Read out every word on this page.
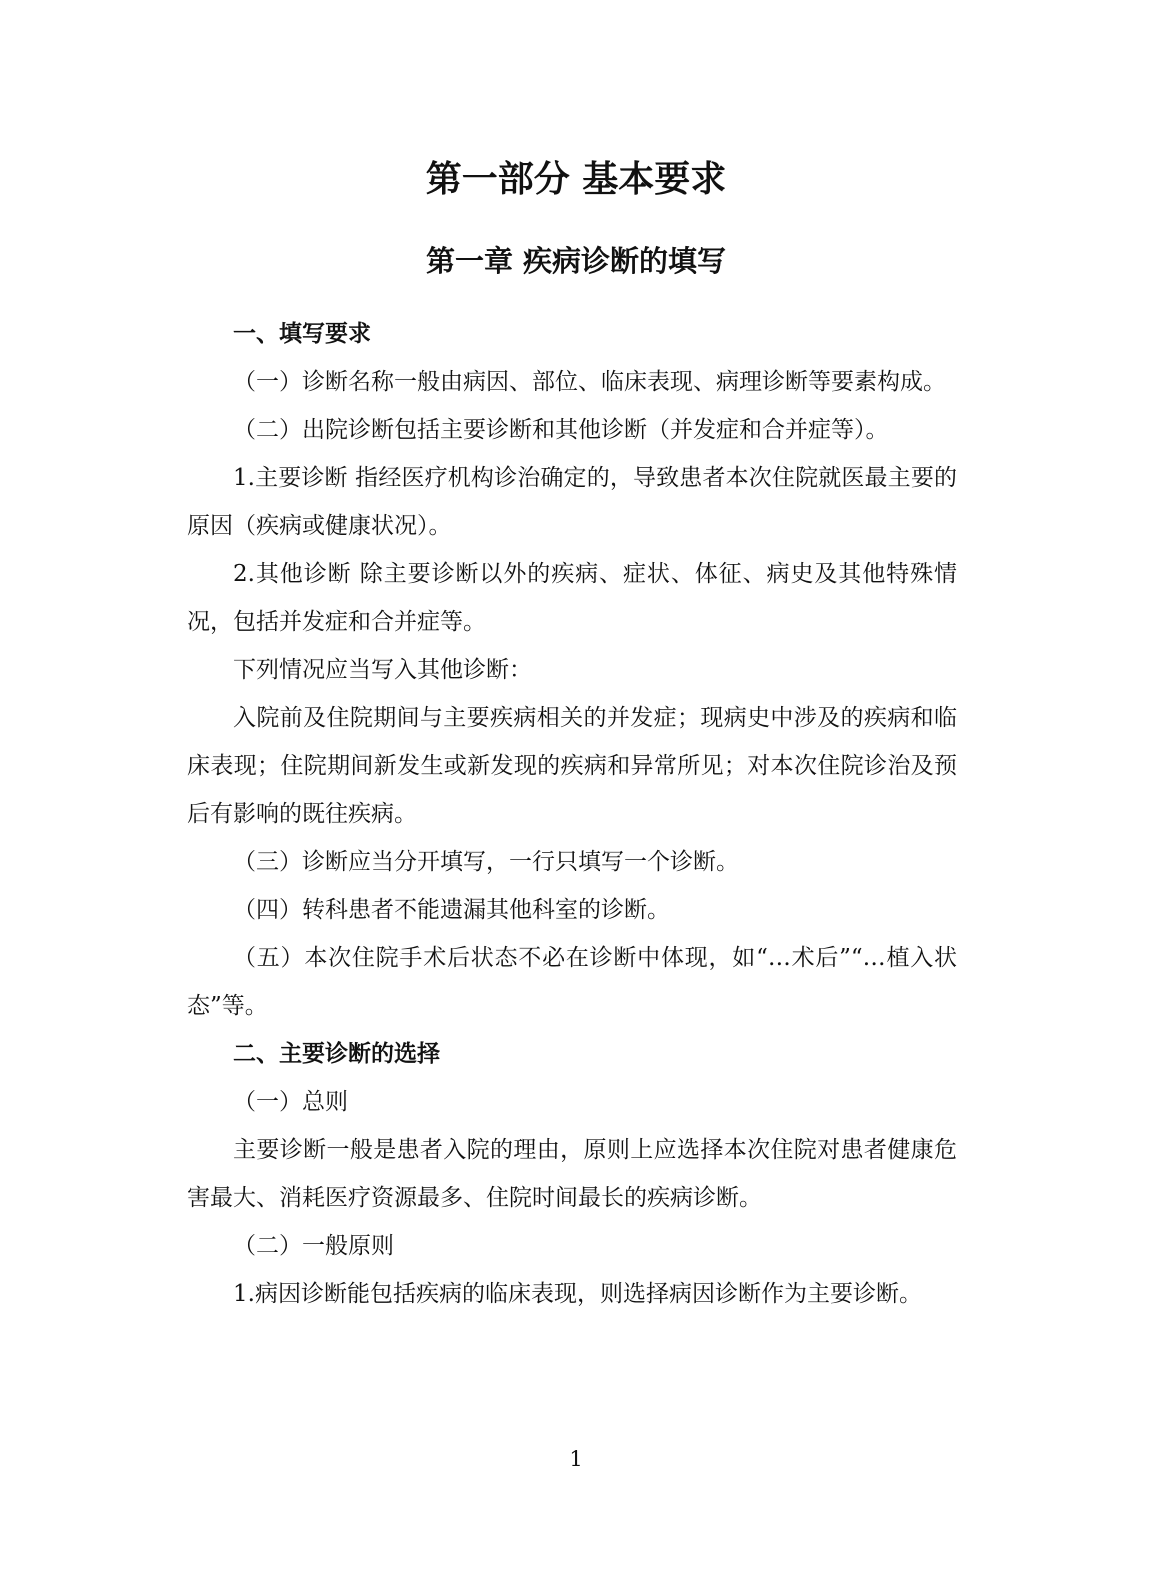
第一部分 基本要求
第一章 疾病诊断的填写
一、填写要求

（一）诊断名称一般由病因、部位、临床表现、病理诊断等要素构成。

（二）出院诊断包括主要诊断和其他诊断（并发症和合并症等）。

1.主要诊断 指经医疗机构诊治确定的，导致患者本次住院就医最主要的原因（疾病或健康状况）。

2.其他诊断 除主要诊断以外的疾病、症状、体征、病史及其他特殊情况，包括并发症和合并症等。

下列情况应当写入其他诊断：

入院前及住院期间与主要疾病相关的并发症；现病史中涉及的疾病和临床表现；住院期间新发生或新发现的疾病和异常所见；对本次住院诊治及预后有影响的既往疾病。

（三）诊断应当分开填写，一行只填写一个诊断。

（四）转科患者不能遗漏其他科室的诊断。

（五）本次住院手术后状态不必在诊断中体现，如“…术后”“…植入状态”等。

二、主要诊断的选择

（一）总则

主要诊断一般是患者入院的理由，原则上应选择本次住院对患者健康危害最大、消耗医疗资源最多、住院时间最长的疾病诊断。

（二）一般原则

1.病因诊断能包括疾病的临床表现，则选择病因诊断作为主要诊断。

1
